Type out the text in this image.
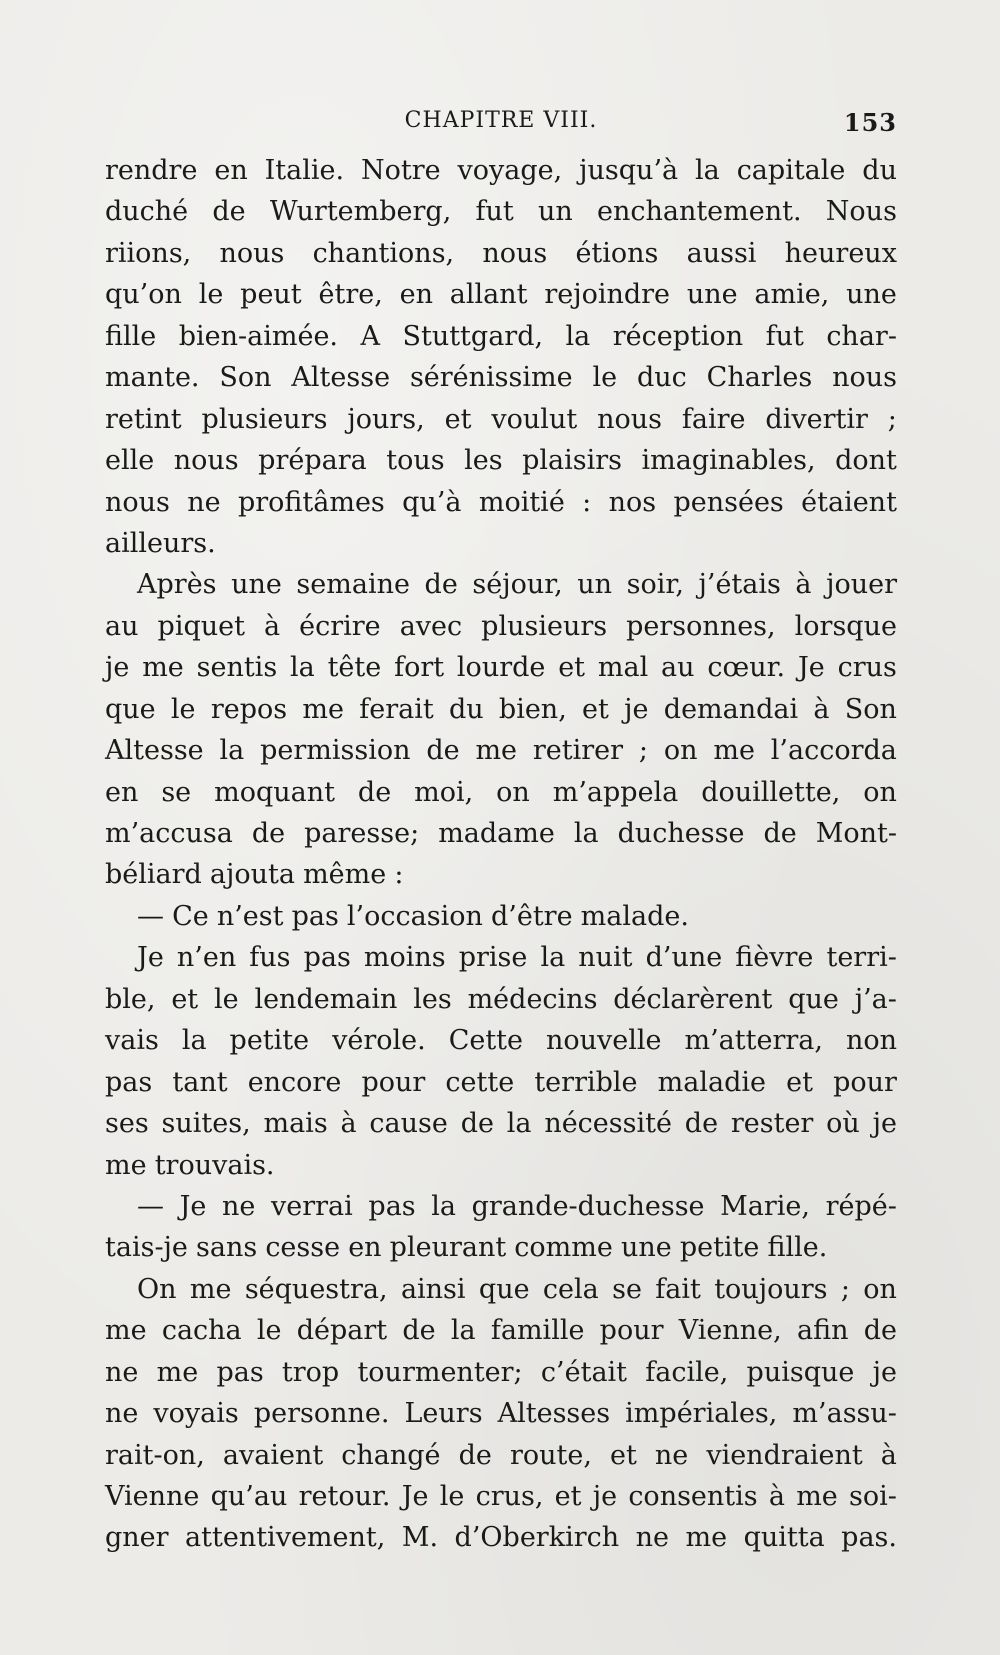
CHAPITRE VIII.	153
rendre en Italie. Notre voyage, jusqu’à la capitale du
duché de Wurtemberg, fut un enchantement. Nous
riions, nous chantions, nous étions aussi heureux
qu’on le peut être, en allant rejoindre une amie, une
fille bien-aimée. A Stuttgard, la réception fut char-
mante. Son Altesse sérénissime le duc Charles nous
retint plusieurs jours, et voulut nous faire divertir ;
elle nous prépara tous les plaisirs imaginables, dont
nous ne profitâmes qu’à moitié : nos pensées étaient
ailleurs.
Après une semaine de séjour, un soir, j’étais à jouer
au piquet à écrire avec plusieurs personnes, lorsque
je me sentis la tête fort lourde et mal au cœur. Je crus
que le repos me ferait du bien, et je demandai à Son
Altesse la permission de me retirer ; on me l’accorda
en se moquant de moi, on m’appela douillette, on
m’accusa de paresse; madame la duchesse de Mont-
béliard ajouta même :
— Ce n’est pas l’occasion d’être malade.
Je n’en fus pas moins prise la nuit d’une fièvre terri-
ble, et le lendemain les médecins déclarèrent que j’a-
vais la petite vérole. Cette nouvelle m’atterra, non
pas tant encore pour cette terrible maladie et pour
ses suites, mais à cause de la nécessité de rester où je
me trouvais.
— Je ne verrai pas la grande-duchesse Marie, répé-
tais-je sans cesse en pleurant comme une petite fille.
On me séquestra, ainsi que cela se fait toujours ; on
me cacha le départ de la famille pour Vienne, afin de
ne me pas trop tourmenter; c’était facile, puisque je
ne voyais personne. Leurs Altesses impériales, m’assu-
rait-on, avaient changé de route, et ne viendraient à
Vienne qu’au retour. Je le crus, et je consentis à me soi-
gner attentivement, M. d’Oberkirch ne me quitta pas.
